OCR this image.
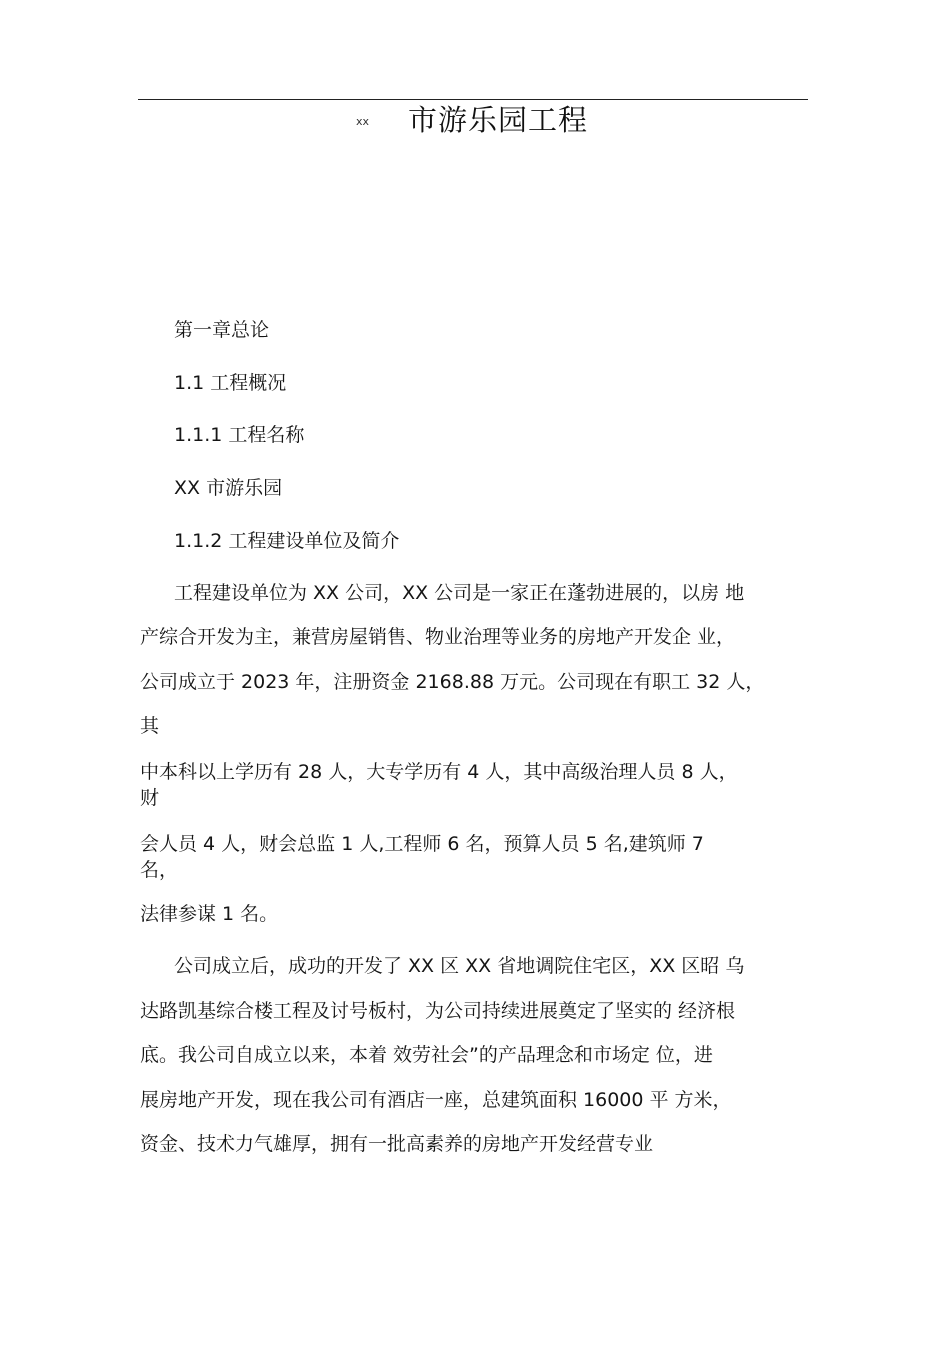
xx 市游乐园工程
第一章总论
1.1 工程概况
1.1.1 工程名称
XX 市游乐园
1.1.2 工程建设单位及简介
工程建设单位为 XX 公司，XX 公司是一家正在蓬勃进展的，以房 地
产综合开发为主，兼营房屋销售、物业治理等业务的房地产开发企 业，
公司成立于 2023 年，注册资金 2168.88 万元。公司现在有职工 32 人，
其
中本科以上学历有 28 人，大专学历有 4 人，其中高级治理人员 8 人，
财
会人员 4 人，财会总监 1 人,工程师 6 名，预算人员 5 名,建筑师 7
名，
法律参谋 1 名。
公司成立后，成功的开发了 XX 区 XX 省地调院住宅区，XX 区昭 乌
达路凯基综合楼工程及讨号板村，为公司持续进展奠定了坚实的 经济根
底。我公司自成立以来，本着 效劳社会”的产品理念和市场定 位，进
展房地产开发，现在我公司有酒店一座，总建筑面积 16000 平 方米，
资金、技术力气雄厚，拥有一批高素养的房地产开发经营专业
